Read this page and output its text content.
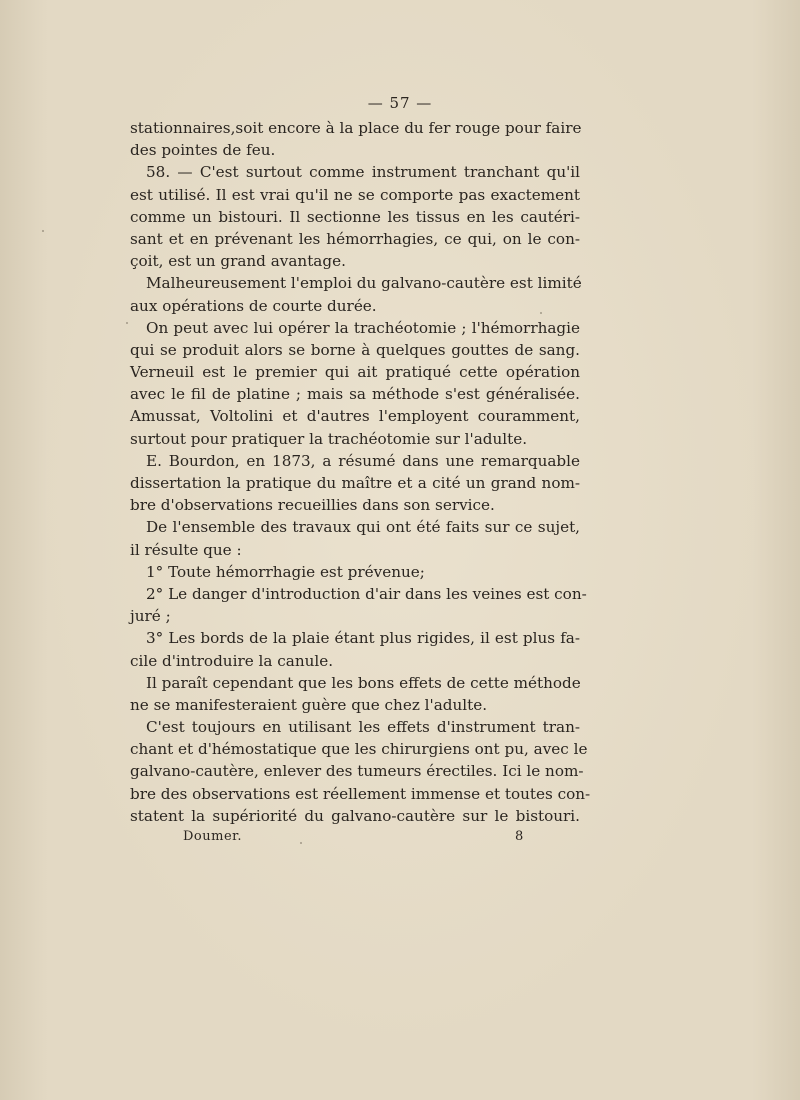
— 57 —
stationnaires,soit encore à la place du fer rouge pour faire
des pointes de feu.
58. — C'est surtout comme instrument tranchant qu'il
est utilisé. Il est vrai qu'il ne se comporte pas exactement
comme un bistouri. Il sectionne les tissus en les cautéri-
sant et en prévenant les hémorrhagies, ce qui, on le con-
çoit, est un grand avantage.
Malheureusement l'emploi du galvano-cautère est limité
aux opérations de courte durée.
On peut avec lui opérer la trachéotomie ; l'hémorrhagie
qui se produit alors se borne à quelques gouttes de sang.
Verneuil est le premier qui ait pratiqué cette opération
avec le fil de platine ; mais sa méthode s'est généralisée.
Amussat, Voltolini et d'autres l'employent couramment,
surtout pour pratiquer la trachéotomie sur l'adulte.
E. Bourdon, en 1873, a résumé dans une remarquable
dissertation la pratique du maître et a cité un grand nom-
bre d'observations recueillies dans son service.
De l'ensemble des travaux qui ont été faits sur ce sujet,
il résulte que :
1° Toute hémorrhagie est prévenue;
2° Le danger d'introduction d'air dans les veines est con-
juré ;
3° Les bords de la plaie étant plus rigides, il est plus fa-
cile d'introduire la canule.
Il paraît cependant que les bons effets de cette méthode
ne se manifesteraient guère que chez l'adulte.
C'est toujours en utilisant les effets d'instrument tran-
chant et d'hémostatique que les chirurgiens ont pu, avec le
galvano-cautère, enlever des tumeurs érectiles. Ici le nom-
bre des observations est réellement immense et toutes con-
statent la supériorité du galvano-cautère sur le bistouri.
Doumer.	8
